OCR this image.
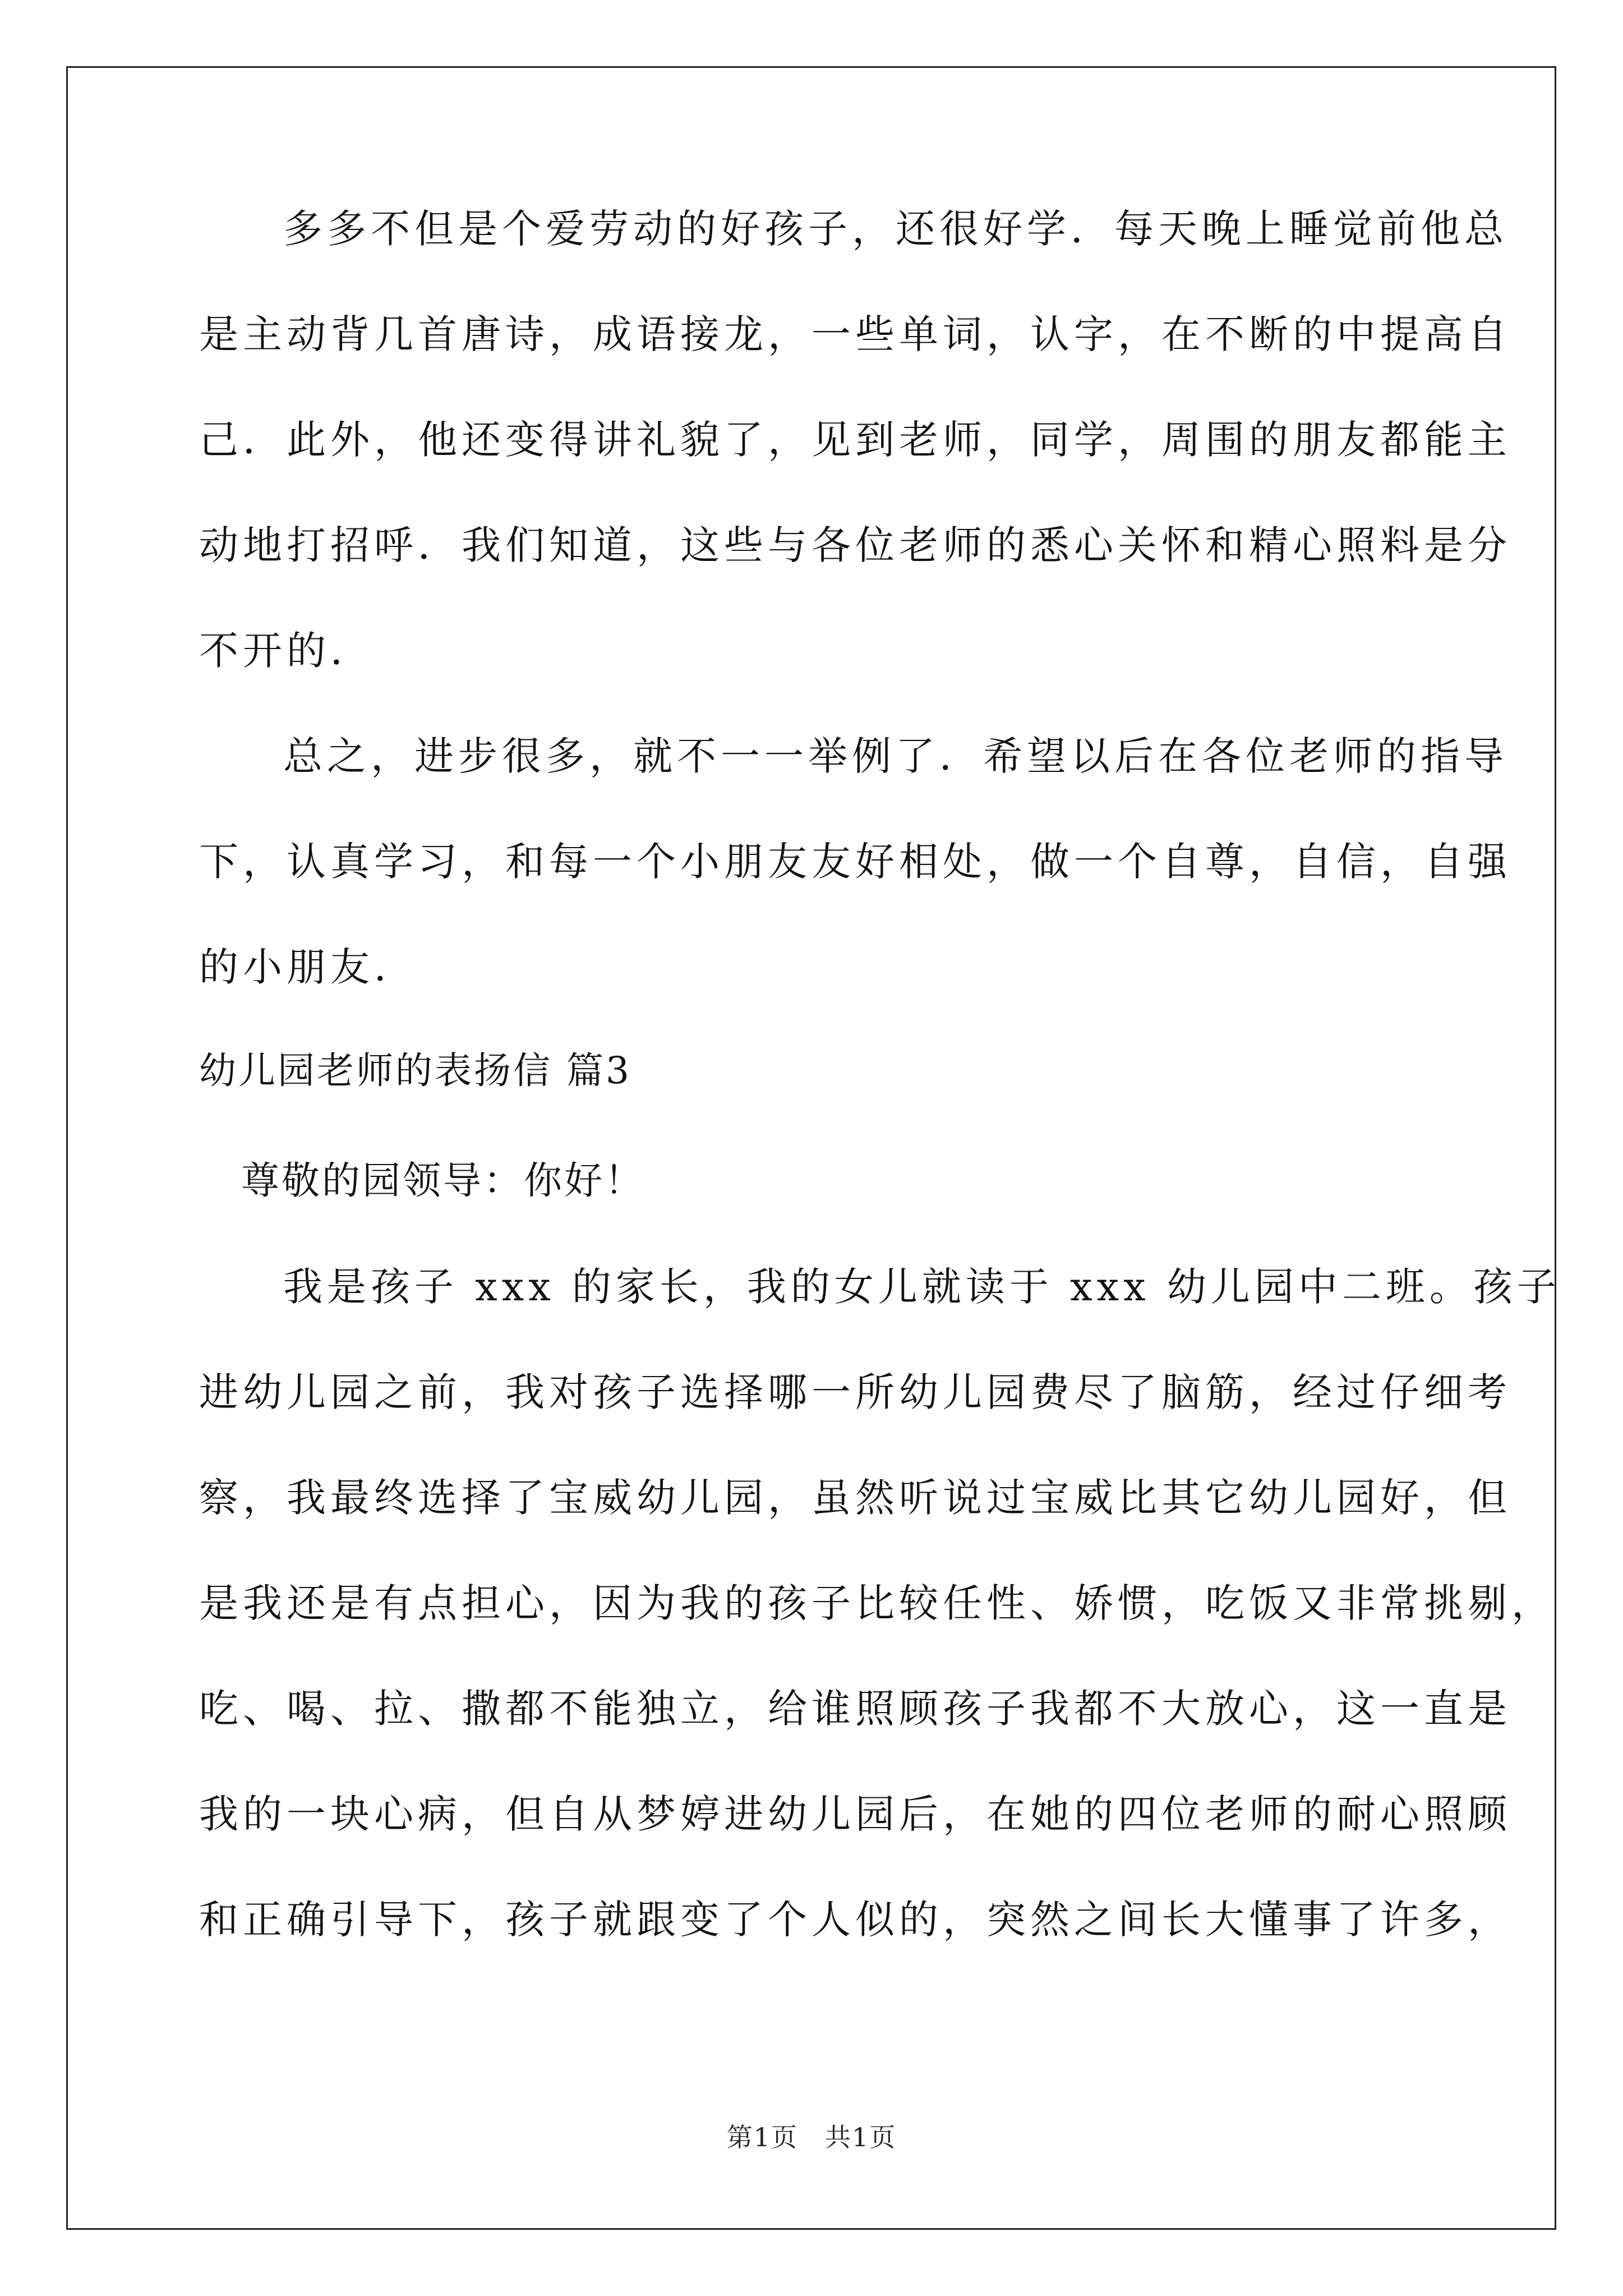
多多不但是个爱劳动的好孩子，还很好学．每天晚上睡觉前他总
是主动背几首唐诗，成语接龙，一些单词，认字，在不断的中提高自
己．此外，他还变得讲礼貌了，见到老师，同学，周围的朋友都能主
动地打招呼．我们知道，这些与各位老师的悉心关怀和精心照料是分
不开的．
总之，进步很多，就不一一举例了．希望以后在各位老师的指导
下，认真学习，和每一个小朋友友好相处，做一个自尊，自信，自强
的小朋友．
幼儿园老师的表扬信 篇3
尊敬的园领导：你好！
我是孩子 xxx 的家长，我的女儿就读于 xxx 幼儿园中二班。孩子
进幼儿园之前，我对孩子选择哪一所幼儿园费尽了脑筋，经过仔细考
察，我最终选择了宝威幼儿园，虽然听说过宝威比其它幼儿园好，但
是我还是有点担心，因为我的孩子比较任性、娇惯，吃饭又非常挑剔，
吃、喝、拉、撒都不能独立，给谁照顾孩子我都不大放心，这一直是
我的一块心病，但自从梦婷进幼儿园后，在她的四位老师的耐心照顾
和正确引导下，孩子就跟变了个人似的，突然之间长大懂事了许多，
第1页　共1页
